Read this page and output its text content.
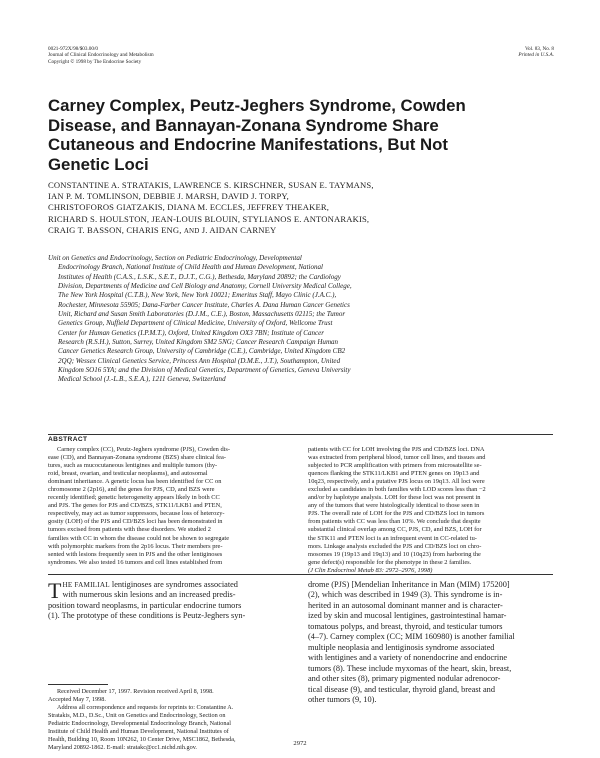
0021-972X/98/$03.00/0
Journal of Clinical Endocrinology and Metabolism
Copyright © 1998 by The Endocrine Society
Vol. 83, No. 8
Printed in U.S.A.
Carney Complex, Peutz-Jeghers Syndrome, Cowden
Disease, and Bannayan-Zonana Syndrome Share
Cutaneous and Endocrine Manifestations, But Not
Genetic Loci
CONSTANTINE A. STRATAKIS, LAWRENCE S. KIRSCHNER, SUSAN E. TAYMANS,
IAN P. M. TOMLINSON, DEBBIE J. MARSH, DAVID J. TORPY,
CHRISTOFOROS GIATZAKIS, DIANA M. ECCLES, JEFFREY THEAKER,
RICHARD S. HOULSTON, JEAN-LOUIS BLOUIN, STYLIANOS E. ANTONARAKIS,
CRAIG T. BASSON, CHARIS ENG, AND J. AIDAN CARNEY
Unit on Genetics and Endocrinology, Section on Pediatric Endocrinology, Developmental
Endocrinology Branch, National Institute of Child Health and Human Development, National
Institutes of Health (C.A.S., L.S.K., S.E.T., D.J.T., C.G.), Bethesda, Maryland 20892; the Cardiology
Division, Departments of Medicine and Cell Biology and Anatomy, Cornell University Medical College,
The New York Hospital (C.T.B.), New York, New York 10021; Emeritus Staff, Mayo Clinic (J.A.C.),
Rochester, Minnesota 55905; Dana-Farber Cancer Institute, Charles A. Dana Human Cancer Genetics
Unit, Richard and Susan Smith Laboratories (D.J.M., C.E.), Boston, Massachusetts 02115; the Tumor
Genetics Group, Nuffield Department of Clinical Medicine, University of Oxford, Wellcome Trust
Center for Human Genetics (I.P.M.T.), Oxford, United Kingdom OX3 7BN; Institute of Cancer
Research (R.S.H.), Sutton, Surrey, United Kingdom SM2 5NG; Cancer Research Campaign Human
Cancer Genetics Research Group, University of Cambridge (C.E.), Cambridge, United Kingdom CB2
2QQ; Wessex Clinical Genetics Service, Princess Ann Hospital (D.M.E., J.T.), Southampton, United
Kingdom SO16 5YA; and the Division of Medical Genetics, Department of Genetics, Geneva University
Medical School (J.-L.B., S.E.A.), 1211 Geneva, Switzerland
ABSTRACT
Carney complex (CC), Peutz-Jeghers syndrome (PJS), Cowden dis-
ease (CD), and Bannayan-Zonana syndrome (BZS) share clinical fea-
tures, such as mucocutaneous lentigines and multiple tumors (thy-
roid, breast, ovarian, and testicular neoplasms), and autosomal
dominant inheritance. A genetic locus has been identified for CC on
chromosome 2 (2p16), and the genes for PJS, CD, and BZS were
recently identified; genetic heterogeneity appears likely in both CC
and PJS. The genes for PJS and CD/BZS, STK11/LKB1 and PTEN,
respectively, may act as tumor suppressors, because loss of heterozy-
gosity (LOH) of the PJS and CD/BZS loci has been demonstrated in
tumors excised from patients with these disorders. We studied 2
families with CC in whom the disease could not be shown to segregate
with polymorphic markers from the 2p16 locus. Their members pre-
sented with lesions frequently seen in PJS and the other lentiginoses
syndromes. We also tested 16 tumors and cell lines established from
patients with CC for LOH involving the PJS and CD/BZS loci. DNA
was extracted from peripheral blood, tumor cell lines, and tissues and
subjected to PCR amplification with primers from microsatellite se-
quences flanking the STK11/LKB1 and PTEN genes on 19p13 and
10q23, respectively, and a putative PJS locus on 19q13. All loci were
excluded as candidates in both families with LOD scores less than −2
and/or by haplotype analysis. LOH for these loci was not present in
any of the tumors that were histologically identical to those seen in
PJS. The overall rate of LOH for the PJS and CD/BZS loci in tumors
from patients with CC was less than 10%. We conclude that despite
substantial clinical overlap among CC, PJS, CD, and BZS, LOH for
the STK11 and PTEN loci is an infrequent event in CC-related tu-
mors. Linkage analysis excluded the PJS and CD/BZS loci on chro-
mosomes 19 (19p13 and 19q13) and 10 (10q23) from harboring the
gene defect(s) responsible for the phenotype in these 2 families.
(J Clin Endocrinol Metab 83: 2972–2976, 1998)
T HE FAMILIAL lentiginoses are syndromes associated
with numerous skin lesions and an increased predis-
position toward neoplasms, in particular endocrine tumors
(1). The prototype of these conditions is Peutz-Jeghers syn-
drome (PJS) [Mendelian Inheritance in Man (MIM) 175200]
(2), which was described in 1949 (3). This syndrome is in-
herited in an autosomal dominant manner and is character-
ized by skin and mucosal lentigines, gastrointestinal hamar-
tomatous polyps, and breast, thyroid, and testicular tumors
(4–7). Carney complex (CC; MIM 160980) is another familial
multiple neoplasia and lentiginosis syndrome associated
with lentigines and a variety of nonendocrine and endocrine
tumors (8). These include myxomas of the heart, skin, breast,
and other sites (8), primary pigmented nodular adrenocor-
tical disease (9), and testicular, thyroid gland, breast and
other tumors (9, 10).
Received December 17, 1997. Revision received April 8, 1998.
Accepted May 7, 1998.
Address all correspondence and requests for reprints to: Constantine A.
Stratakis, M.D., D.Sc., Unit on Genetics and Endocrinology, Section on
Pediatric Endocrinology, Developmental Endocrinology Branch, National
Institute of Child Health and Human Development, National Institutes of
Health, Building 10, Room 10N262, 10 Center Drive, MSC1862, Bethesda,
Maryland 20892-1862. E-mail: stratakc@cc1.nichd.nih.gov.
2972
